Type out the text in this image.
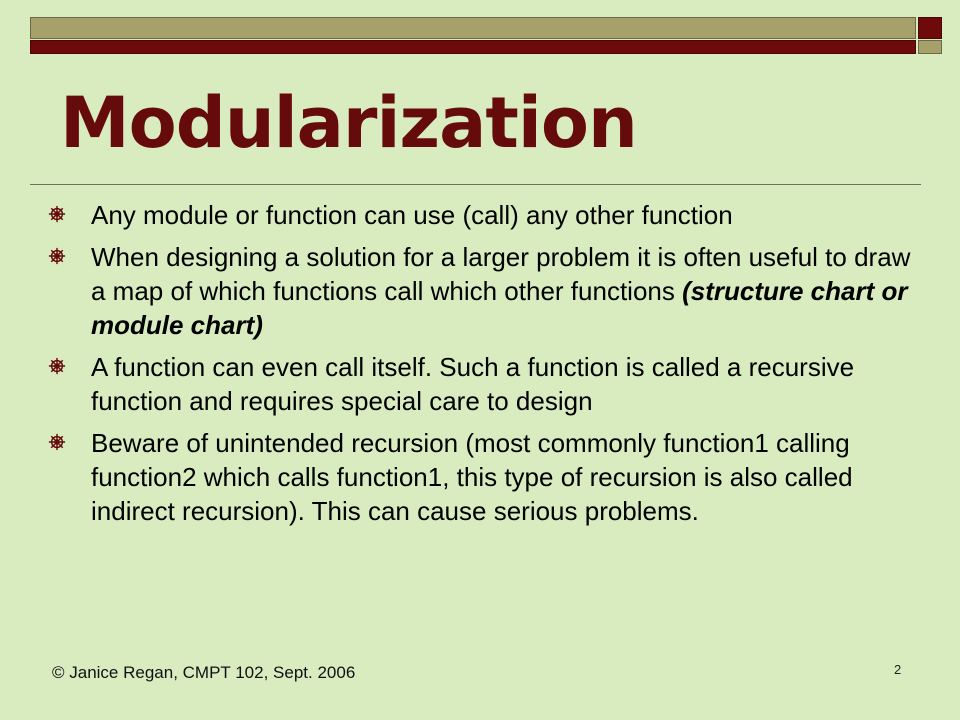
Modularization
Any module or function can use (call) any other function
When designing a solution for a larger problem it is often useful to draw a map of which functions call which other functions (structure chart or module chart)
A function can even call itself. Such a function is called a recursive function and requires special care to design
Beware of unintended recursion (most commonly function1 calling function2 which calls function1, this type of recursion is also called indirect recursion). This can cause serious problems.
© Janice Regan, CMPT 102, Sept. 2006	2
